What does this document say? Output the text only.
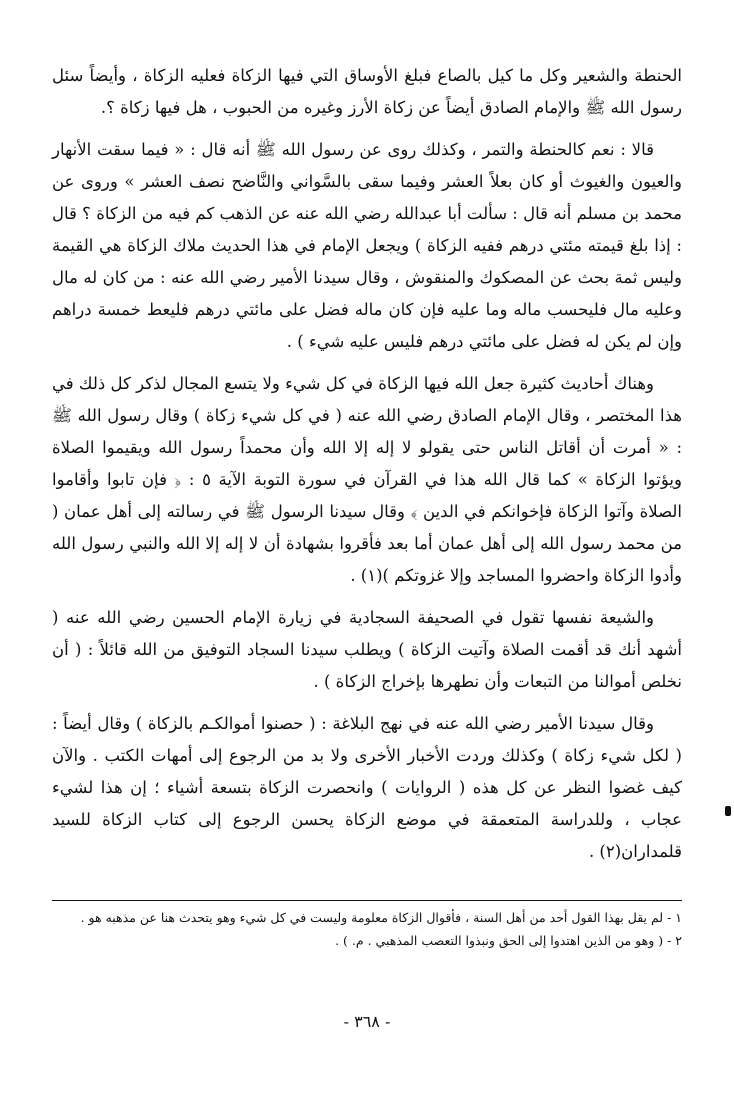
الحنطة والشعير وكل ما كيل بالصاع فبلغ الأوساق التي فيها الزكاة فعليه الزكاة ، وأيضاً سئل رسول الله ﷺ والإمام الصادق أيضاً عن زكاة الأرز وغيره من الحبوب ، هل فيها زكاة ؟.

قالا : نعم كالحنطة والتمر ، وكذلك روى عن رسول الله ﷺ أنه قال : « فيما سقت الأنهار والعيون والغيوث أو كان بعلاً العشر وفيما سقى بالسَّواني والنَّاضح نصف العشر » وروى عن محمد بن مسلم أنه قال : سألت أبا عبدالله رضي الله عنه عن الذهب كم فيه من الزكاة ؟ قال : إذا بلغ قيمته مئتي درهم ففيه الزكاة ) ويجعل الإمام في هذا الحديث ملاك الزكاة هي القيمة وليس ثمة بحث عن المصكوك والمنقوش ، وقال سيدنا الأمير رضي الله عنه : من كان له مال وعليه مال فليحسب ماله وما عليه فإن كان ماله فضل على مائتي درهم فليعط خمسة دراهم وإن لم يكن له فضل على مائتي درهم فليس عليه شيء ) .

وهناك أحاديث كثيرة جعل الله فيها الزكاة في كل شيء ولا يتسع المجال لذكر كل ذلك في هذا المختصر ، وقال الإمام الصادق رضي الله عنه ( في كل شيء زكاة ) وقال رسول الله ﷺ : « أمرت أن أقاتل الناس حتى يقولو لا إله إلا الله وأن محمداً رسول الله ويقيموا الصلاة ويؤتوا الزكاة » كما قال الله هذا في القرآن في سورة التوبة الآية ٥ : ﴿ فإن تابوا وأقاموا الصلاة وآتوا الزكاة فإخوانكم في الدين ﴾ وقال سيدنا الرسول ﷺ في رسالته إلى أهل عمان ( من محمد رسول الله إلى أهل عمان أما بعد فأقروا بشهادة أن لا إله إلا الله والنبي رسول الله وأدوا الزكاة واحضروا المساجد وإلا غزوتكم )(١) .

والشيعة نفسها تقول في الصحيفة السجادية في زيارة الإمام الحسين رضي الله عنه ( أشهد أنك قد أقمت الصلاة وآتيت الزكاة ) ويطلب سيدنا السجاد التوفيق من الله قائلاً : ( أن نخلص أموالنا من التبعات وأن نطهرها بإخراج الزكاة ) .

وقال سيدنا الأمير رضي الله عنه في نهج البلاغة : ( حصنوا أموالكـم بالزكاة ) وقال أيضاً : ( لكل شيء زكاة ) وكذلك وردت الأخبار الأخرى ولا بد من الرجوع إلى أمهات الكتب . والآن كيف غضوا النظر عن كل هذه ( الروايات ) وانحصرت الزكاة بتسعة أشياء ؛ إن هذا لشيء عجاب ، وللدراسة المتعمقة في موضع الزكاة يحسن الرجوع إلى كتاب الزكاة للسيد قلمداران(٢) .

١ - لم يقل بهذا القول أحد من أهل السنة ، فأقوال الزكاة معلومة وليست في كل شيء وهو يتحدث هنا عن مذهبه هو .

٢ - ( وهو من الذين اهتدوا إلى الحق ونبذوا التعصب المذهبي . م. ) .

- ٣٦٨ -
